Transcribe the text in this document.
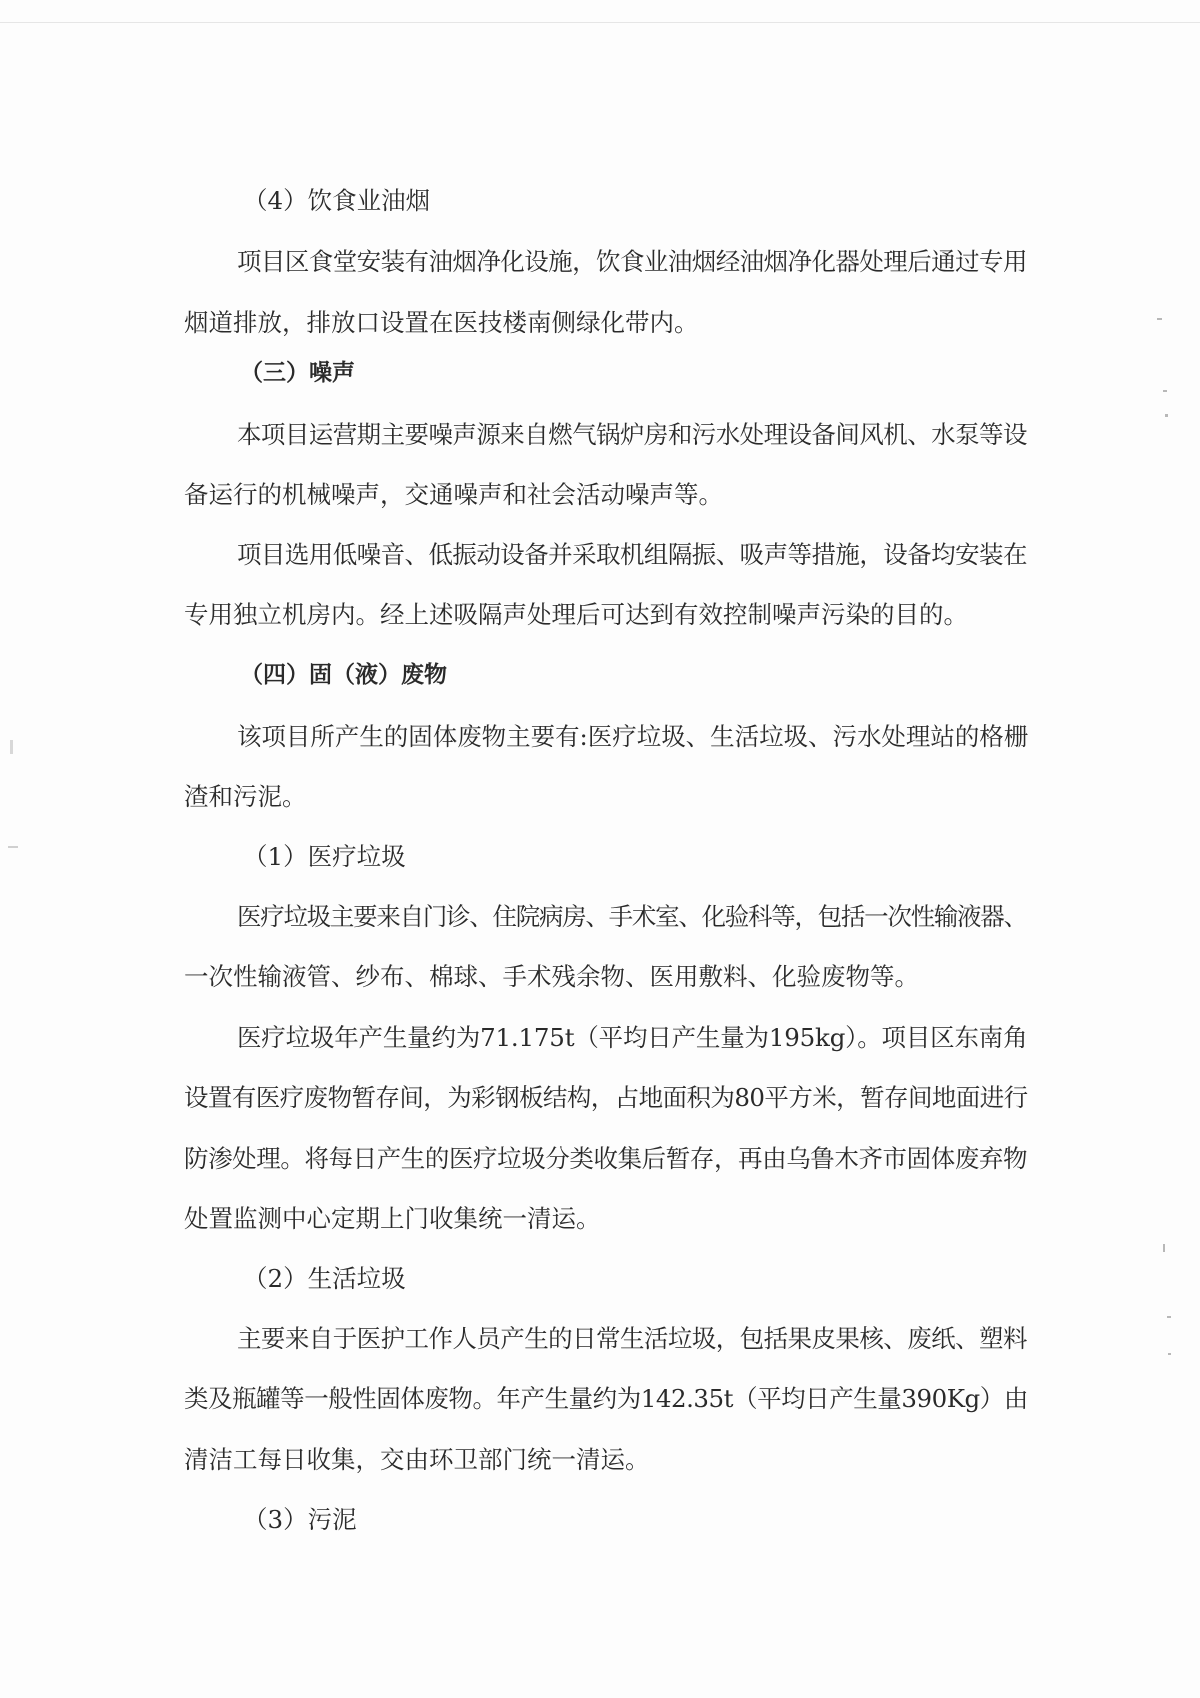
（4）饮食业油烟
项目区食堂安装有油烟净化设施，饮食业油烟经油烟净化器处理后通过专用
烟道排放，排放口设置在医技楼南侧绿化带内。
（三）噪声
本项目运营期主要噪声源来自燃气锅炉房和污水处理设备间风机、水泵等设
备运行的机械噪声，交通噪声和社会活动噪声等。
项目选用低噪音、低振动设备并采取机组隔振、吸声等措施，设备均安装在
专用独立机房内。经上述吸隔声处理后可达到有效控制噪声污染的目的。
（四）固（液）废物
该项目所产生的固体废物主要有:医疗垃圾、生活垃圾、污水处理站的格栅
渣和污泥。
（1）医疗垃圾
医疗垃圾主要来自门诊、住院病房、手术室、化验科等，包括一次性输液器、
一次性输液管、纱布、棉球、手术残余物、医用敷料、化验废物等。
医疗垃圾年产生量约为71.175t（平均日产生量为195kg）。项目区东南角
设置有医疗废物暂存间，为彩钢板结构，占地面积为80平方米，暂存间地面进行
防渗处理。将每日产生的医疗垃圾分类收集后暂存，再由乌鲁木齐市固体废弃物
处置监测中心定期上门收集统一清运。
（2）生活垃圾
主要来自于医护工作人员产生的日常生活垃圾，包括果皮果核、废纸、塑料
类及瓶罐等一般性固体废物。年产生量约为142.35t（平均日产生量390Kg）由
清洁工每日收集，交由环卫部门统一清运。
（3）污泥
